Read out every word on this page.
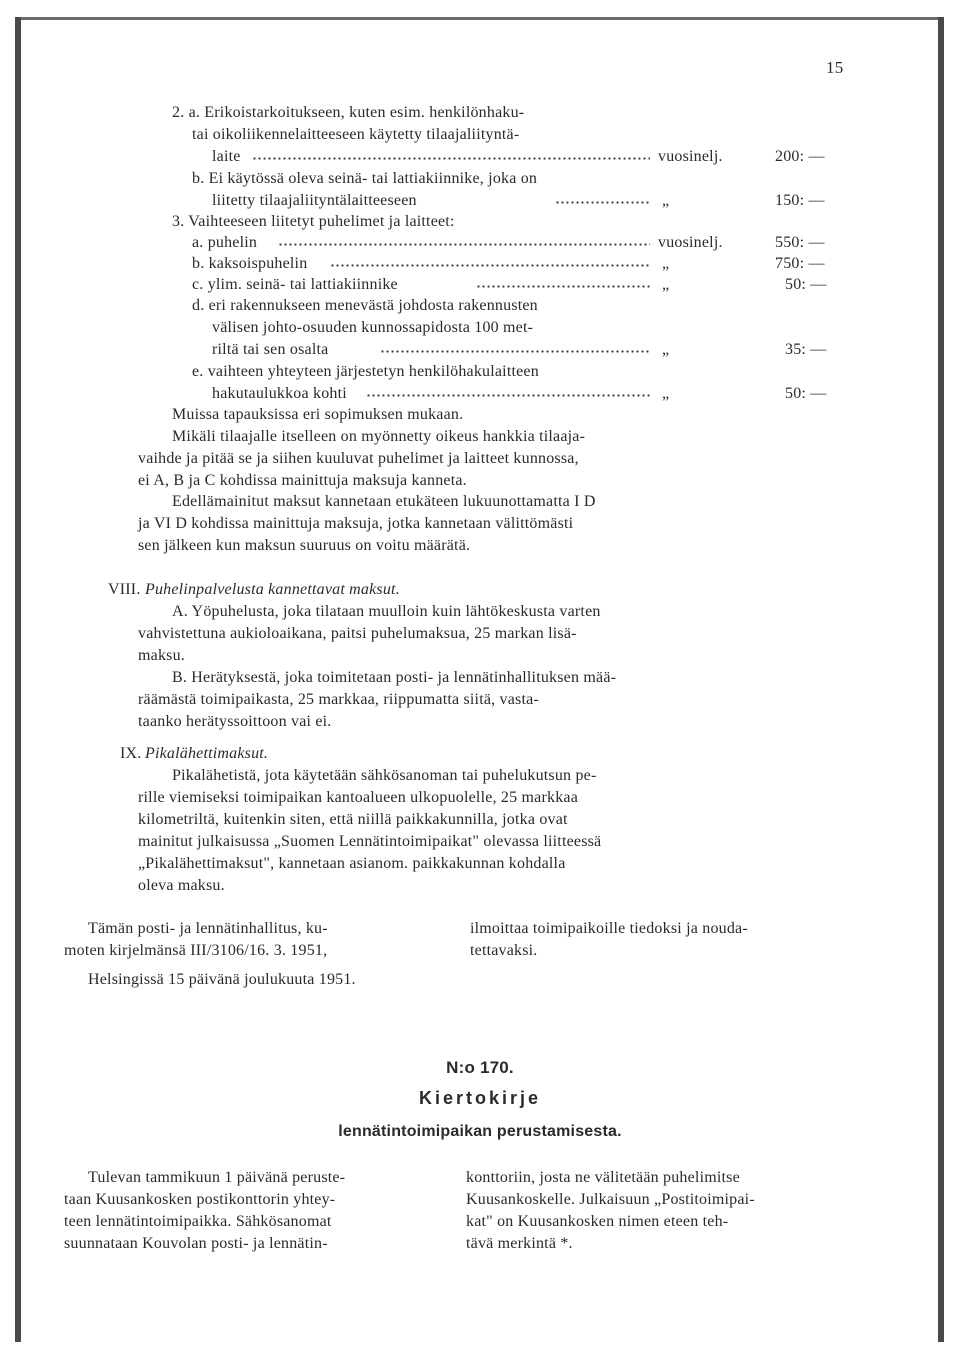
15
2. a. Erikoistarkoitukseen, kuten esim. henkilönhaku-
tai oikoliikennelaitteeseen käytetty tilaajaliityntä-
laite	vuosinelj.	200: —
b. Ei käytössä oleva seinä- tai lattiakiinnike, joka on
liitetty tilaajaliityntälaitteeseen	„	150: —
3. Vaihteeseen liitetyt puhelimet ja laitteet:
a. puhelin	vuosinelj.	550: —
b. kaksoispuhelin	„	750: —
c. ylim. seinä- tai lattiakiinnike	„	50: —
d. eri rakennukseen menevästä johdosta rakennusten
välisen johto-osuuden kunnossapidosta 100 met-
riltä tai sen osalta	„	35: —
e. vaihteen yhteyteen järjestetyn henkilöhakulaitteen
hakutaulukkoa kohti	„	50: —
Muissa tapauksissa eri sopimuksen mukaan.
Mikäli tilaajalle itselleen on myönnetty oikeus hankkia tilaaja-
vaihde ja pitää se ja siihen kuuluvat puhelimet ja laitteet kunnossa,
ei A, B ja C kohdissa mainittuja maksuja kanneta.
Edellämainitut maksut kannetaan etukäteen lukuunottamatta I D
ja VI D kohdissa mainittuja maksuja, jotka kannetaan välittömästi
sen jälkeen kun maksun suuruus on voitu määrätä.
VIII. Puhelinpalvelusta kannettavat maksut.
A. Yöpuhelusta, joka tilataan muulloin kuin lähtökeskusta varten
vahvistettuna aukioloaikana, paitsi puhelumaksua, 25 markan lisä-
maksu.
B. Herätyksestä, joka toimitetaan posti- ja lennätinhallituksen mää-
räämästä toimipaikasta, 25 markkaa, riippumatta siitä, vasta-
taanko herätyssoittoon vai ei.
IX. Pikalähettimaksut.
Pikalähetistä, jota käytetään sähkösanoman tai puhelukutsun pe-
rille viemiseksi toimipaikan kantoalueen ulkopuolelle, 25 markkaa
kilometriltä, kuitenkin siten, että niillä paikkakunnilla, jotka ovat
mainitut julkaisussa „Suomen Lennätintoimipaikat" olevassa liitteessä
„Pikalähettimaksut", kannetaan asianom. paikkakunnan kohdalla
oleva maksu.
Tämän posti- ja lennätinhallitus, ku-
moten kirjelmänsä III/3106/16. 3. 1951,
ilmoittaa toimipaikoille tiedoksi ja nouda-
tettavaksi.
Helsingissä 15 päivänä joulukuuta 1951.
N:o 170.
Kiertokirje
lennätintoimipaikan perustamisesta.
Tulevan tammikuun 1 päivänä peruste-
taan Kuusankosken postikonttorin yhtey-
teen lennätintoimipaikka. Sähkösanomat
suunnataan Kouvolan posti- ja lennätin-
konttoriin, josta ne välitetään puhelimitse
Kuusankoskelle. Julkaisuun „Postitoimipai-
kat" on Kuusankosken nimen eteen teh-
tävä merkintä *.
